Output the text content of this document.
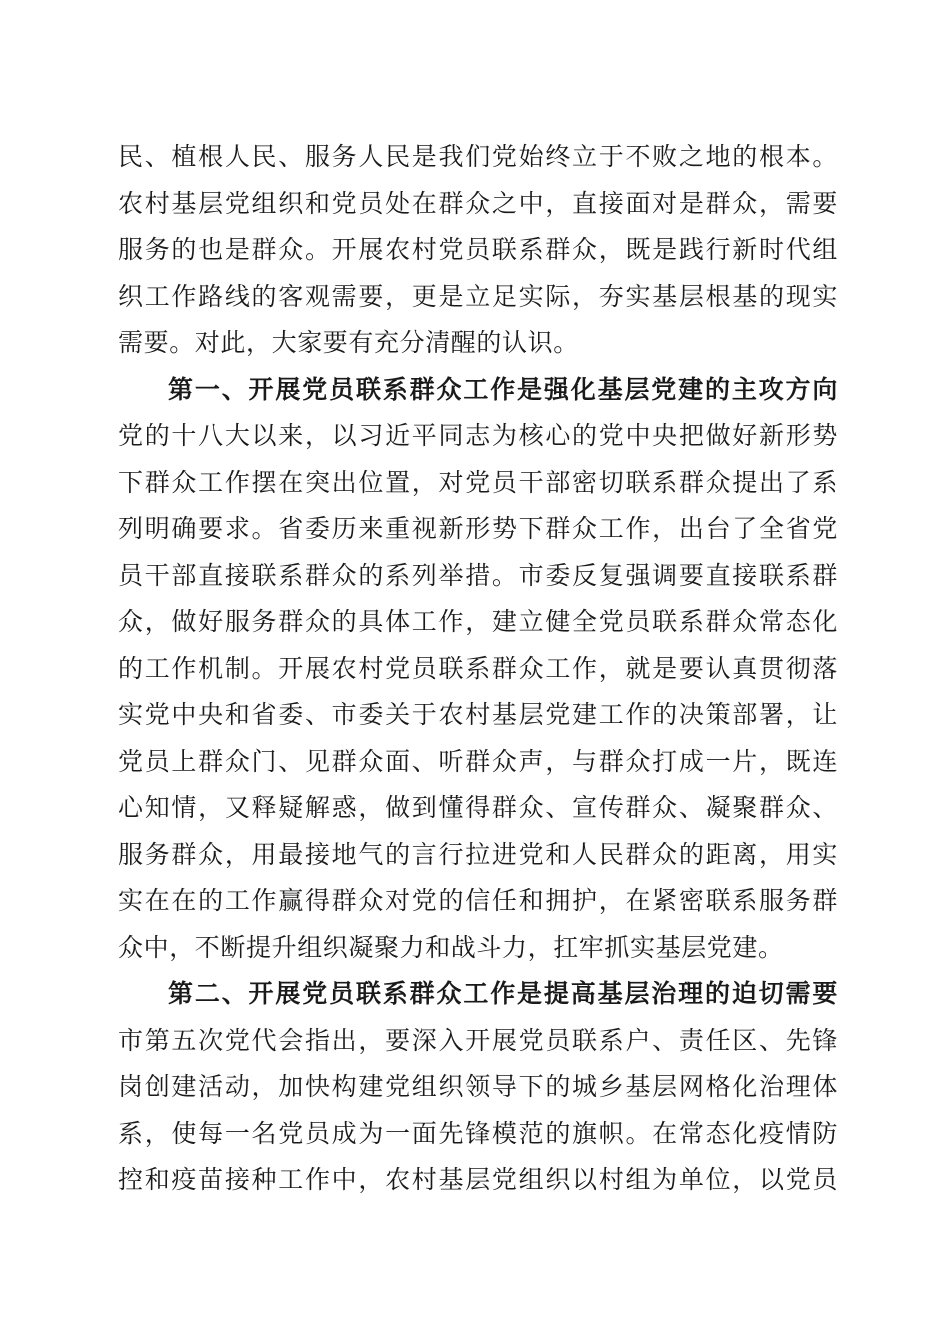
民、植根人民、服务人民是我们党始终立于不败之地的根本。
农村基层党组织和党员处在群众之中，直接面对是群众，需要
服务的也是群众。开展农村党员联系群众，既是践行新时代组
织工作路线的客观需要，更是立足实际，夯实基层根基的现实
需要。对此，大家要有充分清醒的认识。
第一、开展党员联系群众工作是强化基层党建的主攻方向
党的十八大以来，以习近平同志为核心的党中央把做好新形势
下群众工作摆在突出位置，对党员干部密切联系群众提出了系
列明确要求。省委历来重视新形势下群众工作，出台了全省党
员干部直接联系群众的系列举措。市委反复强调要直接联系群
众，做好服务群众的具体工作，建立健全党员联系群众常态化
的工作机制。开展农村党员联系群众工作，就是要认真贯彻落
实党中央和省委、市委关于农村基层党建工作的决策部署，让
党员上群众门、见群众面、听群众声，与群众打成一片，既连
心知情，又释疑解惑，做到懂得群众、宣传群众、凝聚群众、
服务群众，用最接地气的言行拉进党和人民群众的距离，用实
实在在的工作赢得群众对党的信任和拥护，在紧密联系服务群
众中，不断提升组织凝聚力和战斗力，扛牢抓实基层党建。
第二、开展党员联系群众工作是提高基层治理的迫切需要
市第五次党代会指出，要深入开展党员联系户、责任区、先锋
岗创建活动，加快构建党组织领导下的城乡基层网格化治理体
系，使每一名党员成为一面先锋模范的旗帜。在常态化疫情防
控和疫苗接种工作中，农村基层党组织以村组为单位，以党员
